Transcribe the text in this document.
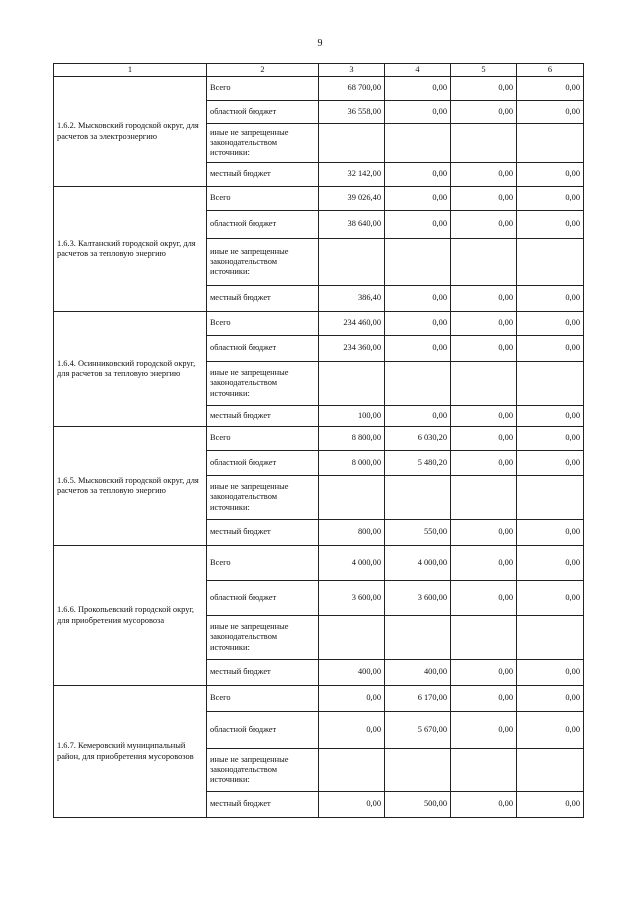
9
1	2	3	4	5	6
1.6.2. Мысковский городской округ, для расчетов за электроэнергию	Всего	68 700,00	0,00	0,00	0,00
	областной бюджет	36 558,00	0,00	0,00	0,00
	иные не запрещенные законодательством источники:				
	местный бюджет	32 142,00	0,00	0,00	0,00
1.6.3. Калтанский городской округ, для расчетов за тепловую энергию	Всего	39 026,40	0,00	0,00	0,00
	областной бюджет	38 640,00	0,00	0,00	0,00
	иные не запрещенные законодательством источники:				
	местный бюджет	386,40	0,00	0,00	0,00
1.6.4. Осинниковский городской округ, для расчетов за тепловую энергию	Всего	234 460,00	0,00	0,00	0,00
	областной бюджет	234 360,00	0,00	0,00	0,00
	иные не запрещенные законодательством источники:				
	местный бюджет	100,00	0,00	0,00	0,00
1.6.5. Мысковский городской округ, для расчетов за тепловую энергию	Всего	8 800,00	6 030,20	0,00	0,00
	областной бюджет	8 000,00	5 480,20	0,00	0,00
	иные не запрещенные законодательством источники:				
	местный бюджет	800,00	550,00	0,00	0,00
1.6.6. Прокопьевский городской округ, для приобретения мусоровоза	Всего	4 000,00	4 000,00	0,00	0,00
	областной бюджет	3 600,00	3 600,00	0,00	0,00
	иные не запрещенные законодательством источники:				
	местный бюджет	400,00	400,00	0,00	0,00
1.6.7. Кемеровский муниципальный район, для приобретения мусоровозов	Всего	0,00	6 170,00	0,00	0,00
	областной бюджет	0,00	5 670,00	0,00	0,00
	иные не запрещенные законодательством источники:				
	местный бюджет	0,00	500,00	0,00	0,00
